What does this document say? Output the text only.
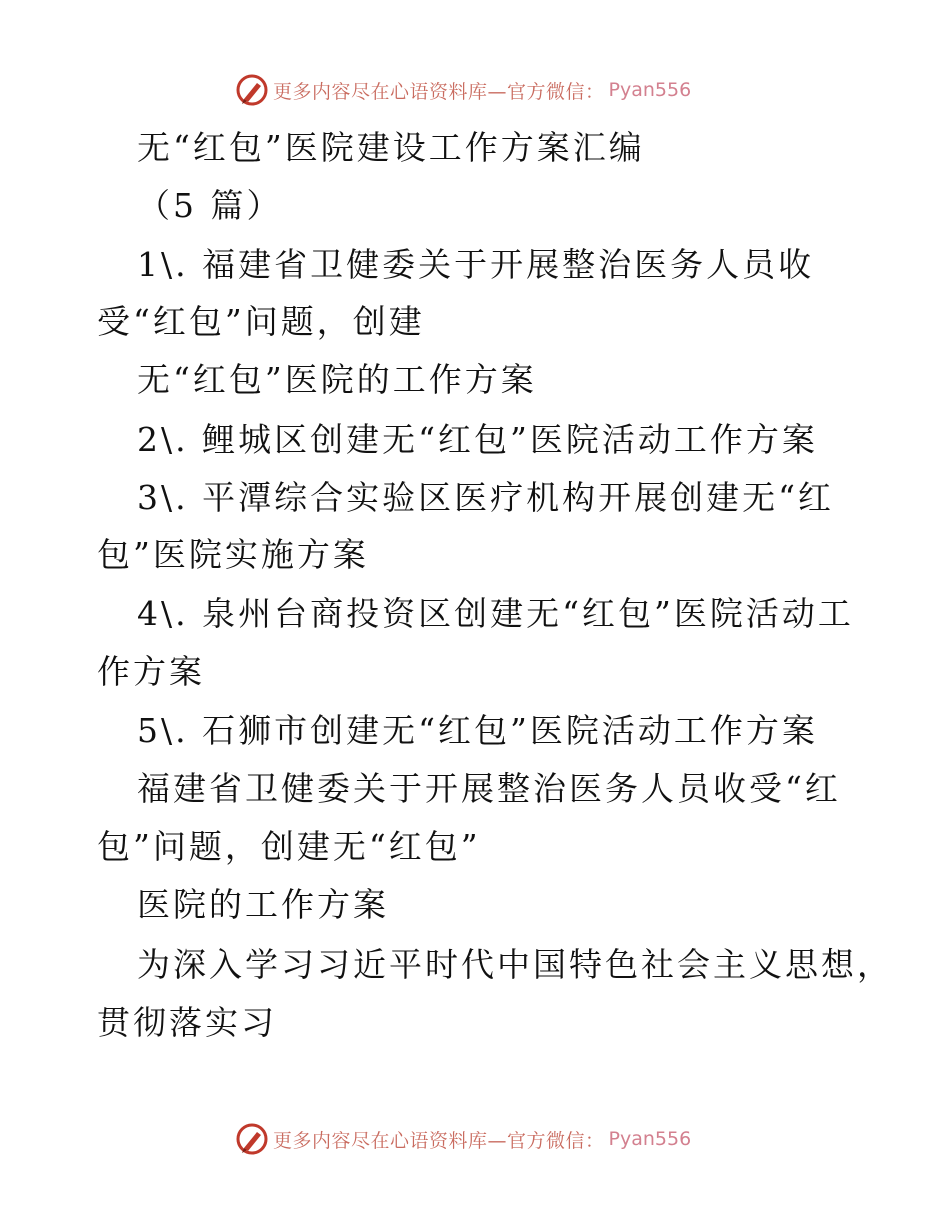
更多内容尽在心语资料库—官方微信： Pyan556
无“红包”医院建设工作方案汇编
（5 篇）
1\. 福建省卫健委关于开展整治医务人员收
受“红包”问题，创建
无“红包”医院的工作方案
2\. 鲤城区创建无“红包”医院活动工作方案
3\. 平潭综合实验区医疗机构开展创建无“红
包”医院实施方案
4\. 泉州台商投资区创建无“红包”医院活动工
作方案
5\. 石狮市创建无“红包”医院活动工作方案
福建省卫健委关于开展整治医务人员收受“红
包”问题，创建无“红包”
医院的工作方案
为深入学习习近平时代中国特色社会主义思想，
贯彻落实习
更多内容尽在心语资料库—官方微信： Pyan556
